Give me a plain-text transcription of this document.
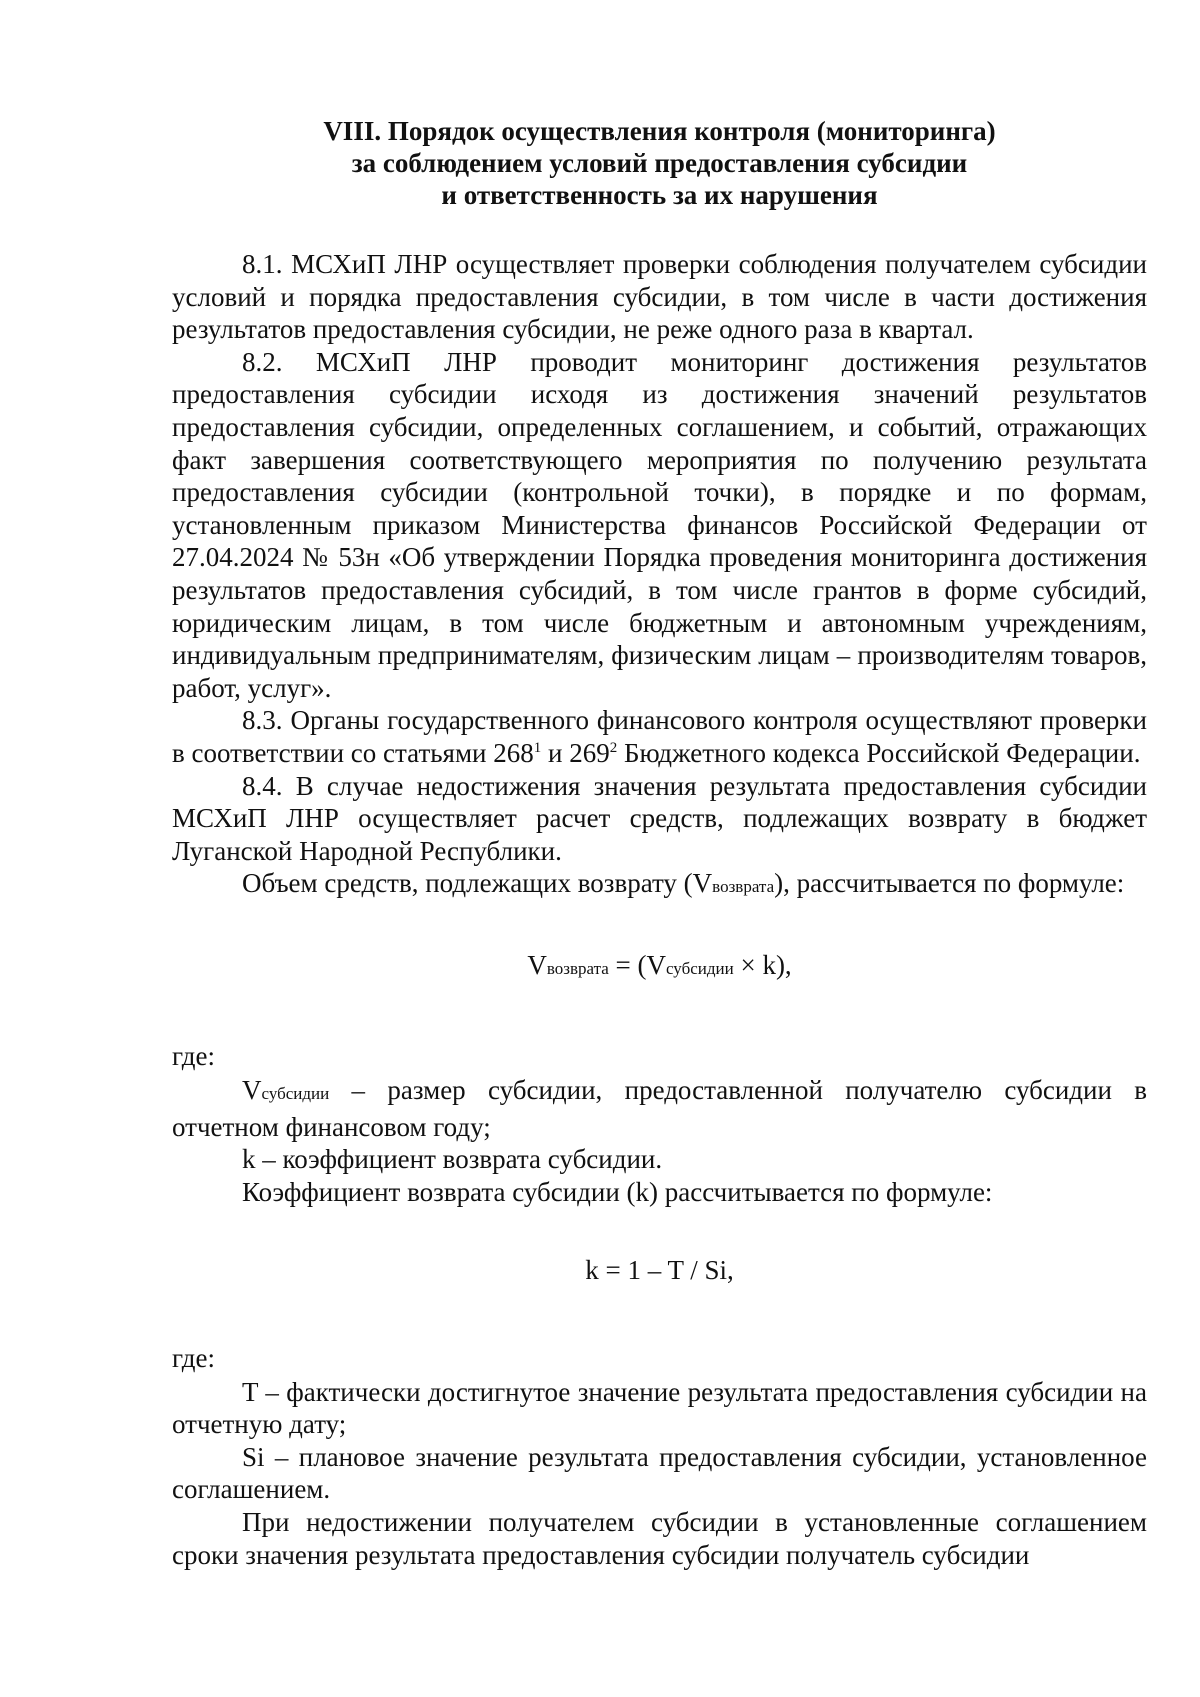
VIII. Порядок осуществления контроля (мониторинга)
за соблюдением условий предоставления субсидии
и ответственность за их нарушения

8.1. МСХиП ЛНР осуществляет проверки соблюдения получателем субсидии условий и порядка предоставления субсидии, в том числе в части достижения результатов предоставления субсидии, не реже одного раза в квартал.

8.2. МСХиП ЛНР проводит мониторинг достижения результатов предоставления субсидии исходя из достижения значений результатов предоставления субсидии, определенных соглашением, и событий, отражающих факт завершения соответствующего мероприятия по получению результата предоставления субсидии (контрольной точки), в порядке и по формам, установленным приказом Министерства финансов Российской Федерации от 27.04.2024 № 53н «Об утверждении Порядка проведения мониторинга достижения результатов предоставления субсидий, в том числе грантов в форме субсидий, юридическим лицам, в том числе бюджетным и автономным учреждениям, индивидуальным предпринимателям, физическим лицам – производителям товаров, работ, услуг».

8.3. Органы государственного финансового контроля осуществляют проверки в соответствии со статьями $268^1$ и $269^2$ Бюджетного кодекса Российской Федерации.

8.4. В случае недостижения значения результата предоставления субсидии МСХиП ЛНР осуществляет расчет средств, подлежащих возврату в бюджет Луганской Народной Республики.

Объем средств, подлежащих возврату (Vвозврата), рассчитывается по формуле:

Vвозврата = (Vсубсидии × k),

где:

Vсубсидии – размер субсидии, предоставленной получателю субсидии в отчетном финансовом году;

k – коэффициент возврата субсидии.

Коэффициент возврата субсидии (k) рассчитывается по формуле:

k = 1 – T / Si,

где:

T – фактически достигнутое значение результата предоставления субсидии на отчетную дату;

Si – плановое значение результата предоставления субсидии, установленное соглашением.

При недостижении получателем субсидии в установленные соглашением сроки значения результата предоставления субсидии получатель субсидии
